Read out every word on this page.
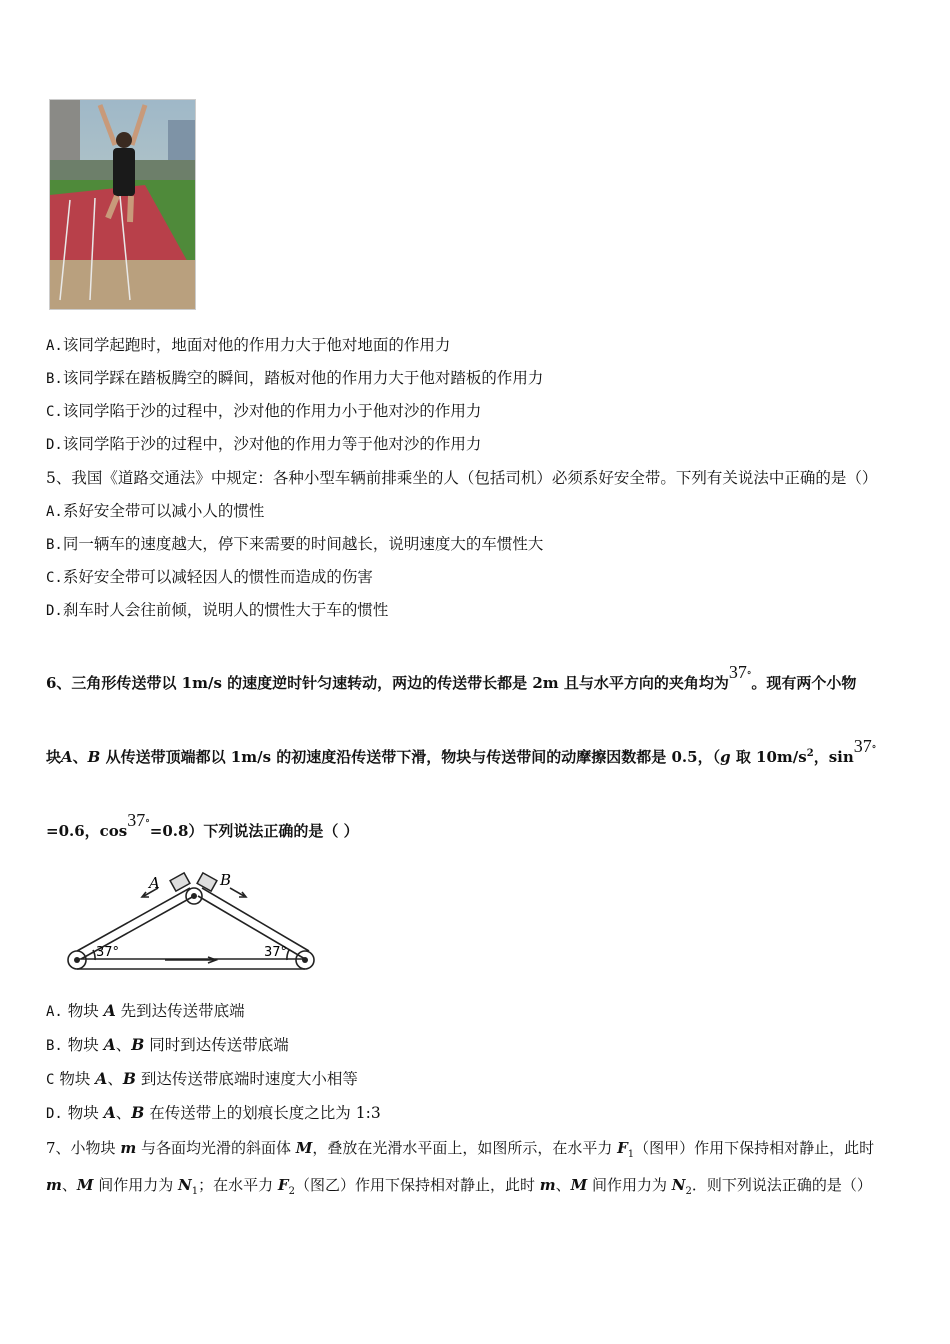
A.该同学起跑时，地面对他的作用力大于他对地面的作用力
B.该同学踩在踏板腾空的瞬间，踏板对他的作用力大于他对踏板的作用力
C.该同学陷于沙的过程中，沙对他的作用力小于他对沙的作用力
D.该同学陷于沙的过程中，沙对他的作用力等于他对沙的作用力
5、我国《道路交通法》中规定：各种小型车辆前排乘坐的人（包括司机）必须系好安全带。下列有关说法中正确的是（）
A.系好安全带可以减小人的惯性
B.同一辆车的速度越大，停下来需要的时间越长，说明速度大的车惯性大
C.系好安全带可以减轻因人的惯性而造成的伤害
D.刹车时人会往前倾，说明人的惯性大于车的惯性
6、三角形传送带以 1m/s 的速度逆时针匀速转动，两边的传送带长都是 2m 且与水平方向的夹角均为37°。现有两个小物
块A、B 从传送带顶端都以 1m/s 的初速度沿传送带下滑，物块与传送带间的动摩擦因数都是 0.5，（g 取 $10m/s^2$，sin37°
=0.6，cos37°=0.8）下列说法正确的是（ ）
A	B
37°	37°
A. 物块 A 先到达传送带底端
B. 物块 A、B 同时到达传送带底端
C 物块 A、B 到达传送带底端时速度大小相等
D. 物块 A、B 在传送带上的划痕长度之比为 1:3
7、小物块 m 与各面均光滑的斜面体 M，叠放在光滑水平面上，如图所示，在水平力 $F_1$（图甲）作用下保持相对静止，此时
m、M 间作用力为 $N_1$；在水平力 $F_2$（图乙）作用下保持相对静止，此时 m、M 间作用力为 $N_2$．则下列说法正确的是（）
